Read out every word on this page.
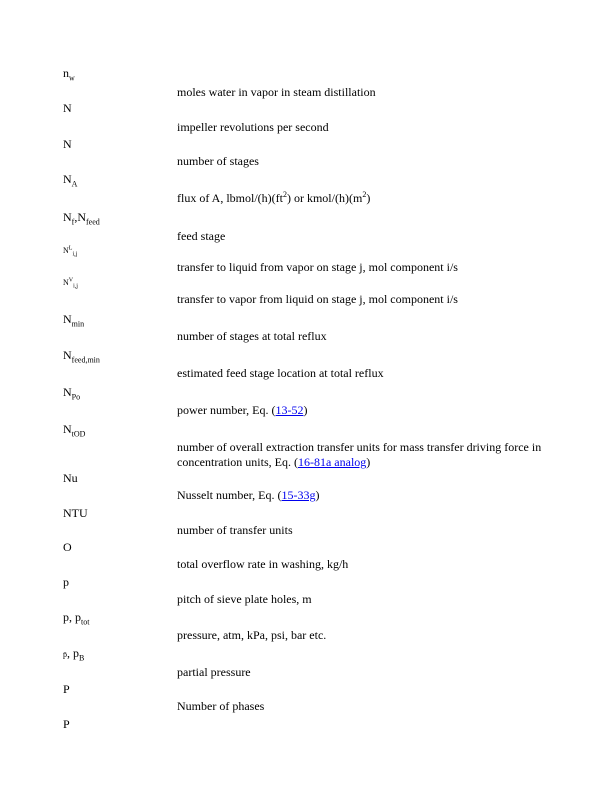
$n_w$
moles water in vapor in steam distillation
N
impeller revolutions per second
N
number of stages
$N_A$
flux of A, lbmol/$(h)(ft^2)$ or kmol/$(h)(m^2)$
$N_f,N_{feed}$
feed stage
$N^L_{i,j}$
transfer to liquid from vapor on stage j, mol component i/s
$N^V_{i,j}$
transfer to vapor from liquid on stage j, mol component i/s
$N_{min}$
number of stages at total reflux
$N_{feed,min}$
estimated feed stage location at total reflux
$N_{Po}$
power number, Eq. (13-52)
$N_{tOD}$
number of overall extraction transfer units for mass transfer driving force in concentration units, Eq. (16-81a analog)
Nu
Nusselt number, Eq. (15-33g)
NTU
number of transfer units
O
total overflow rate in washing, kg/h
p
pitch of sieve plate holes, m
p, $p_{tot}$
pressure, atm, kPa, psi, bar etc.
p̄, $p_B$
partial pressure
P
Number of phases
P
